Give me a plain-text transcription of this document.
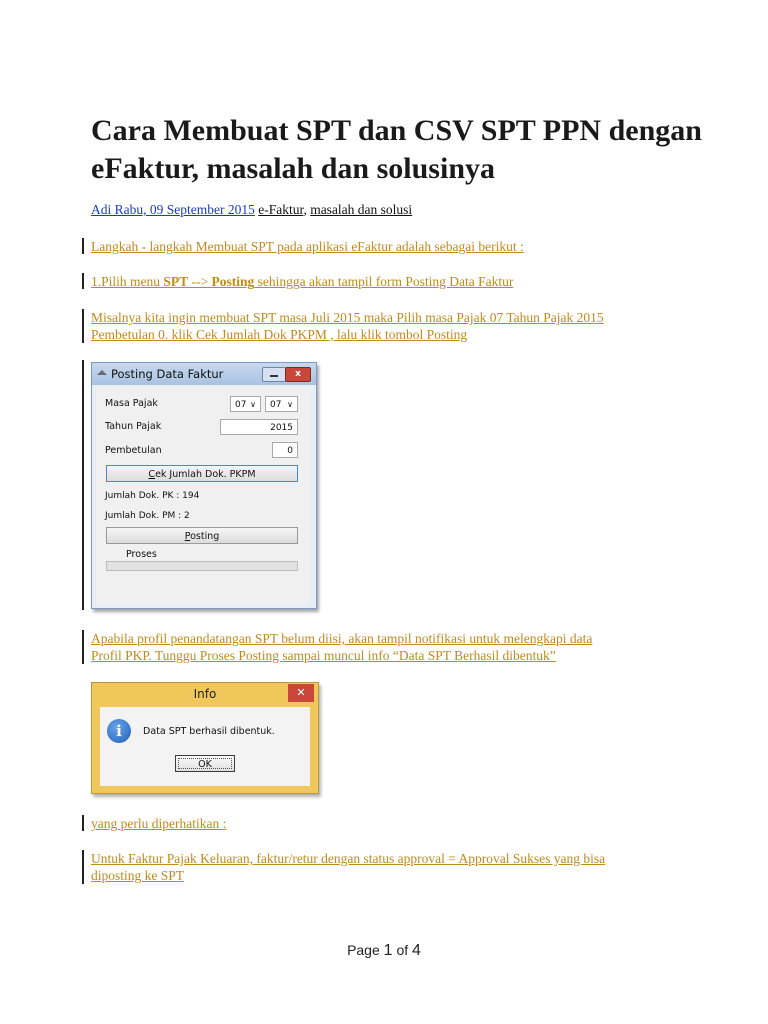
Cara Membuat SPT dan CSV SPT PPN dengan eFaktur, masalah dan solusinya
Adi Rabu, 09 September 2015 e-Faktur, masalah dan solusi
Langkah - langkah Membuat SPT pada aplikasi eFaktur adalah sebagai berikut :
1.Pilih menu SPT --> Posting sehingga akan tampil form Posting Data Faktur
Misalnya kita ingin membuat SPT masa Juli 2015 maka Pilih masa Pajak 07 Tahun Pajak 2015
Pembetulan 0. klik Cek Jumlah Dok PKPM , lalu klik tombol Posting
Posting Data Faktur	x
Masa Pajak	07 ∨	07 ∨
Tahun Pajak	2015
Pembetulan	0
Cek Jumlah Dok. PKPM
Jumlah Dok. PK : 194
Jumlah Dok. PM : 2
Posting
Proses
Apabila profil penandatangan SPT belum diisi, akan tampil notifikasi untuk melengkapi data
Profil PKP. Tunggu Proses Posting sampai muncul info “Data SPT Berhasil dibentuk”
Info	✕
i	Data SPT berhasil dibentuk.
OK
yang perlu diperhatikan :
Untuk Faktur Pajak Keluaran, faktur/retur dengan status approval = Approval Sukses yang bisa
diposting ke SPT
Page 1 of 4
